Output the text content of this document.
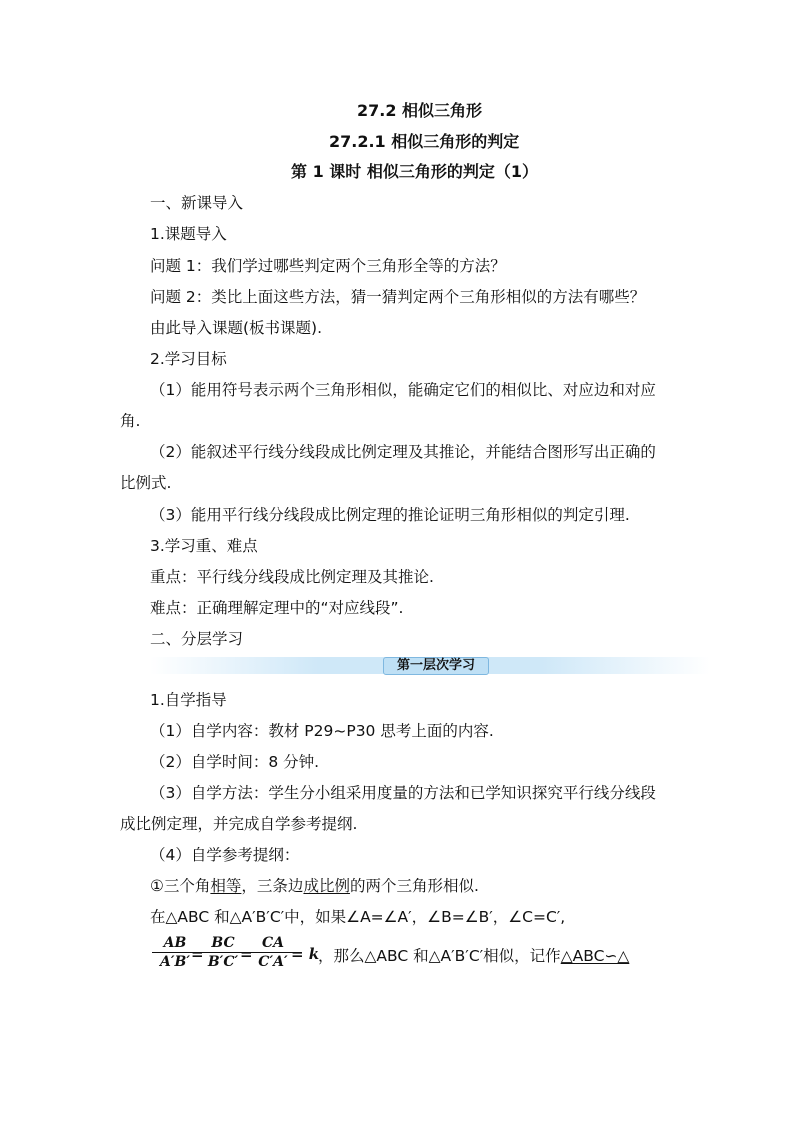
27.2 相似三角形
27.2.1 相似三角形的判定
第 1 课时 相似三角形的判定（1）
一、新课导入
1.课题导入
问题 1：我们学过哪些判定两个三角形全等的方法？
问题 2：类比上面这些方法，猜一猜判定两个三角形相似的方法有哪些？
由此导入课题(板书课题).
2.学习目标
（1）能用符号表示两个三角形相似，能确定它们的相似比、对应边和对应
角.
（2）能叙述平行线分线段成比例定理及其推论，并能结合图形写出正确的
比例式.
（3）能用平行线分线段成比例定理的推论证明三角形相似的判定引理.
3.学习重、难点
重点：平行线分线段成比例定理及其推论.
难点：正确理解定理中的“对应线段”.
二、分层学习
第一层次学习
1.自学指导
（1）自学内容：教材 P29~P30 思考上面的内容.
（2）自学时间：8 分钟.
（3）自学方法：学生分小组采用度量的方法和已学知识探究平行线分线段
成比例定理，并完成自学参考提纲.
（4）自学参考提纲：
①三个角相等，三条边成比例的两个三角形相似.
在△ABC 和△A′B′C′中，如果∠A=∠A′，∠B=∠B′，∠C=C′,
$\frac{AB}{A'B'}$
=
$\frac{BC}{B'C'}$
=
$\frac{CA}{C'A'}$
= k
，那么△ABC 和△A′B′C′相似，记作△ABC∽△
